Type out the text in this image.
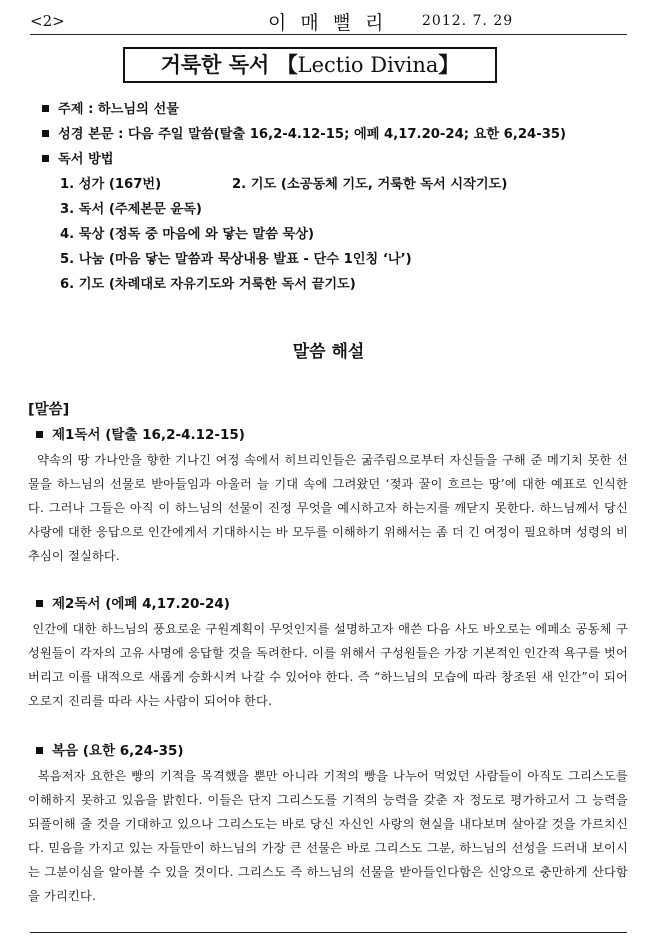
<2>	이 매 뻘 리 2012. 7. 29
거룩한 독서 【Lectio Divina】
주제 : 하느님의 선물
성경 본문 : 다음 주일 말씀(탈출 16,2-4.12-15; 에페 4,17.20-24; 요한 6,24-35)
독서 방법
1. 성가 (167번)	2. 기도 (소공동체 기도, 거룩한 독서 시작기도)
3. 독서 (주제본문 윤독)
4. 묵상 (정독 중 마음에 와 닿는 말씀 묵상)
5. 나눔 (마음 닿는 말씀과 묵상내용 발표 - 단수 1인칭 ‘나’)
6. 기도 (차례대로 자유기도와 거룩한 독서 끝기도)
말씀 해설
[말씀]
제1독서 (탈출 16,2-4.12-15)

약속의 땅 가나안을 향한 기나긴 여정 속에서 히브리인들은 굶주림으로부터 자신들을 구해 준 메기치 못한 선물을 하느님의 선물로 받아들임과 아울러 늘 기대 속에 그려왔던 ‘젖과 꿀이 흐르는 땅’에 대한 예표로 인식한다. 그러나 그들은 아직 이 하느님의 선물이 진정 무엇을 예시하고자 하는지를 깨닫지 못한다. 하느님께서 당신 사랑에 대한 응답으로 인간에게서 기대하시는 바 모두를 이해하기 위해서는 좀 더 긴 여정이 필요하며 성령의 비추심이 절실하다.

제2독서 (에페 4,17.20-24)

인간에 대한 하느님의 풍요로운 구원계획이 무엇인지를 설명하고자 애쓴 다음 사도 바오로는 에페소 공동체 구성원들이 각자의 고유 사명에 응답할 것을 독려한다. 이를 위해서 구성원들은 가장 기본적인 인간적 욕구를 벗어버리고 이를 내적으로 새롭게 승화시켜 나갈 수 있어야 한다. 즉 “하느님의 모습에 따라 창조된 새 인간”이 되어 오로지 진리를 따라 사는 사람이 되어야 한다.

복음 (요한 6,24-35)

복음저자 요한은 빵의 기적을 목격했을 뿐만 아니라 기적의 빵을 나누어 먹었던 사람들이 아직도 그리스도를 이해하지 못하고 있음을 밝힌다. 이들은 단지 그리스도를 기적의 능력을 갖춘 자 정도로 평가하고서 그 능력을 되풀이해 줄 것을 기대하고 있으나 그리스도는 바로 당신 자신인 사랑의 현실을 내다보며 살아갈 것을 가르치신다. 믿음을 가지고 있는 자들만이 하느님의 가장 큰 선물은 바로 그리스도 그분, 하느님의 선성을 드러내 보이시는 그분이심을 알아볼 수 있을 것이다. 그리스도 즉 하느님의 선물을 받아들인다함은 신앙으로 충만하게 산다함을 가리킨다.
